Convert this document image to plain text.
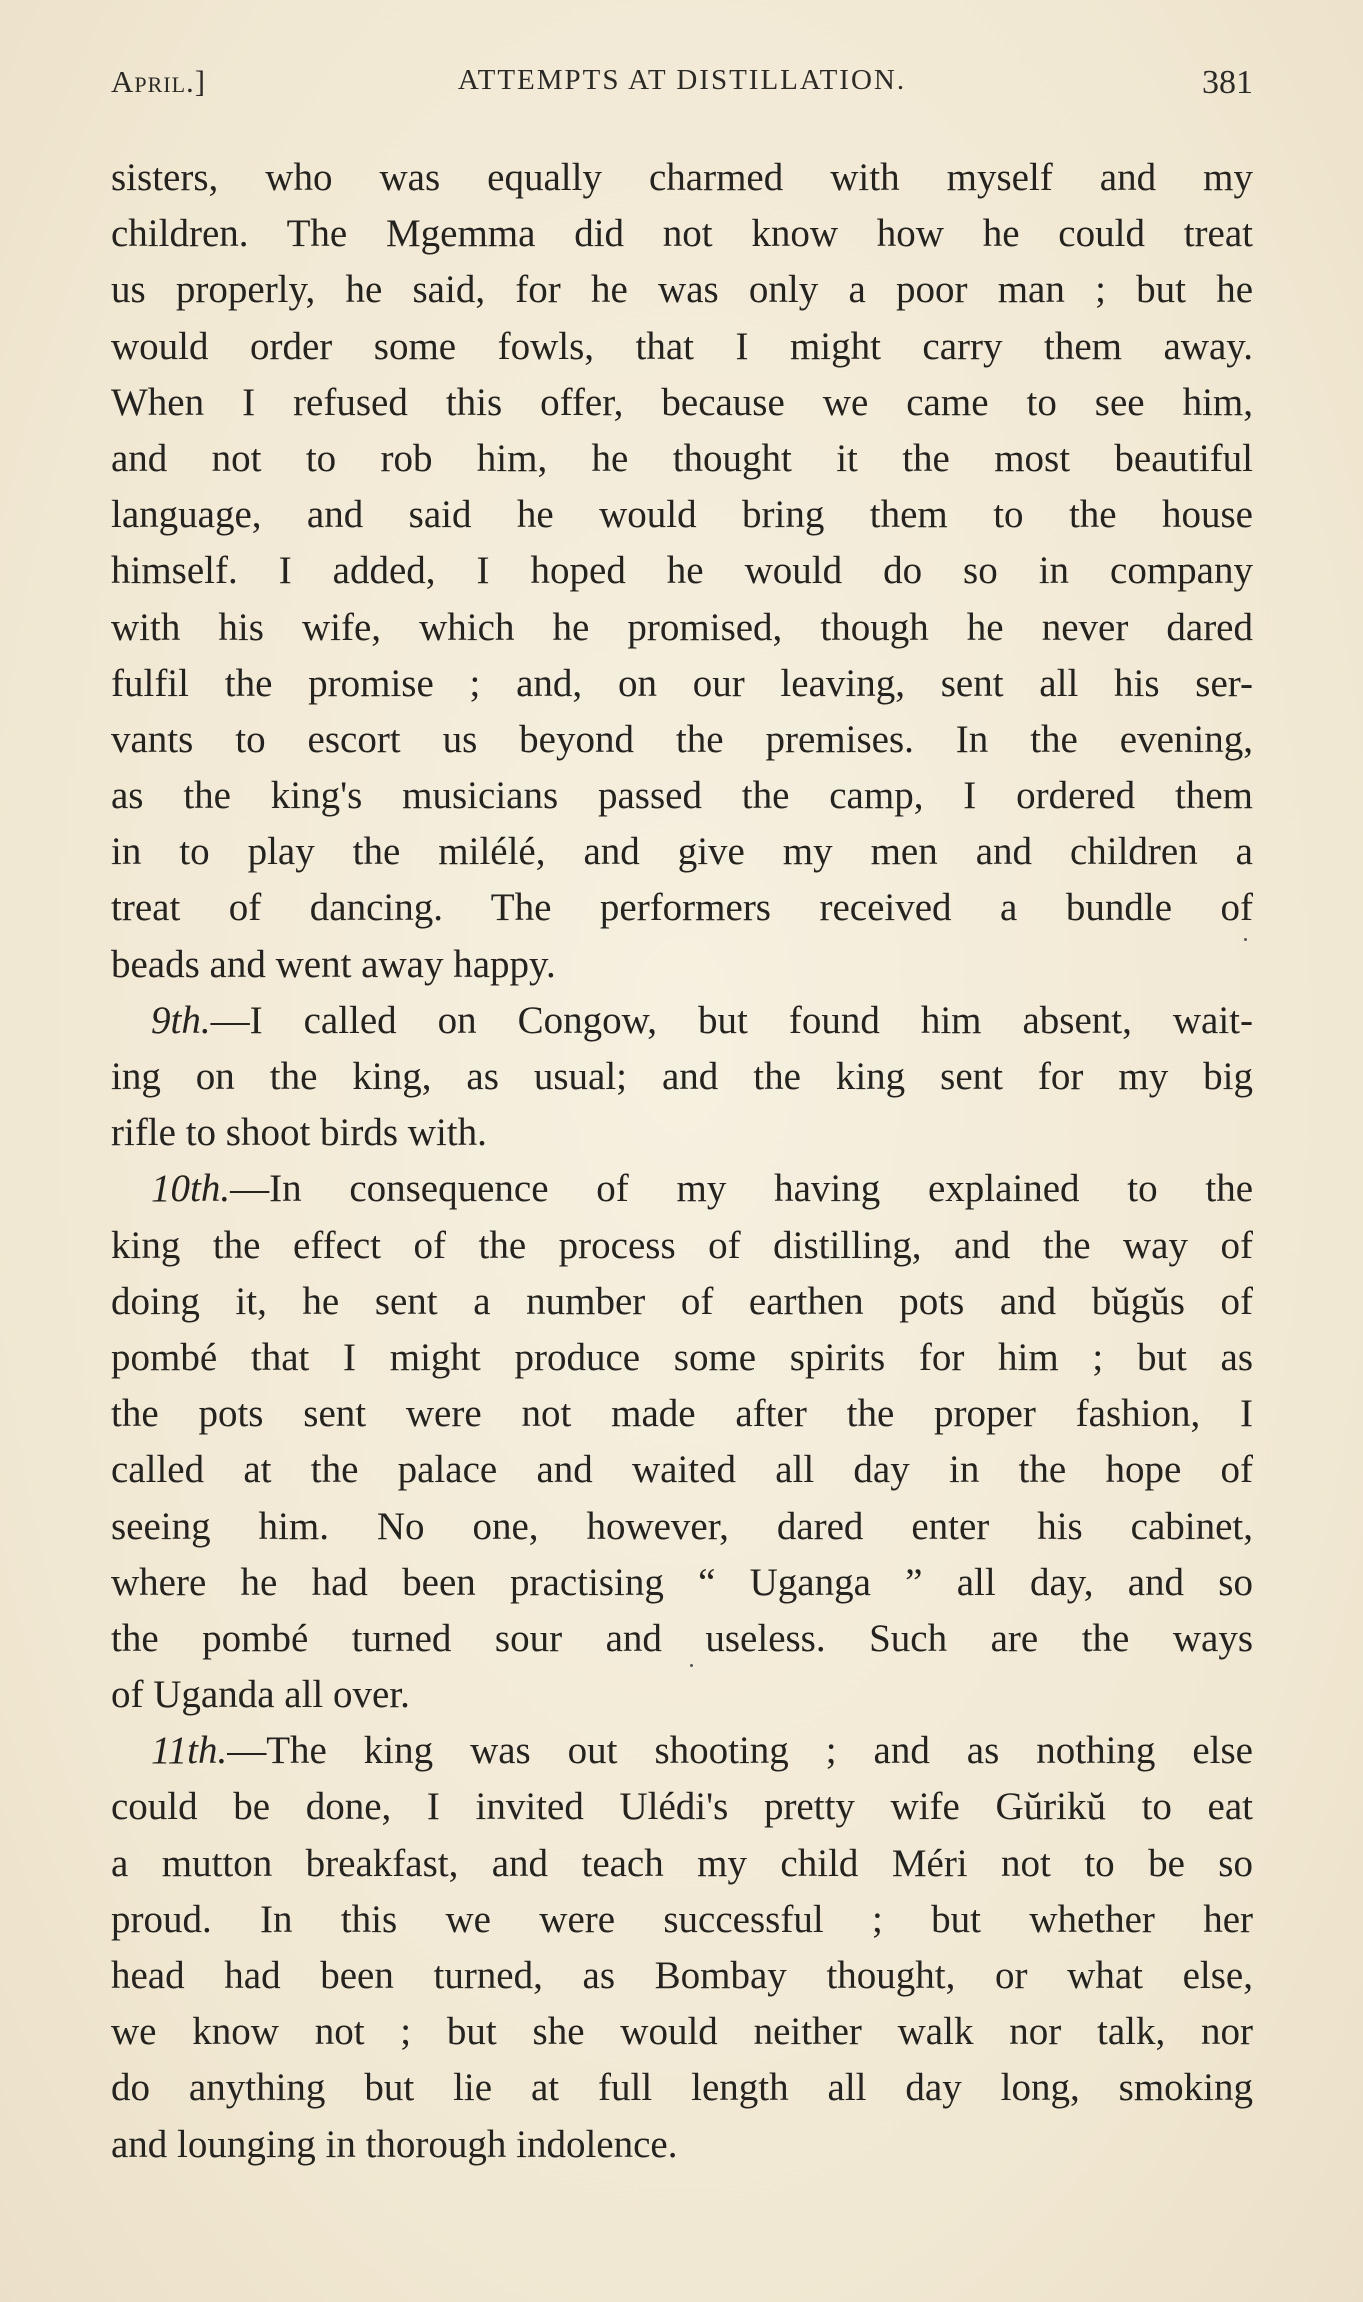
April.]	ATTEMPTS AT DISTILLATION.	381
sisters, who was equally charmed with myself and my
children. The Mgemma did not know how he could treat
us properly, he said, for he was only a poor man ; but he
would order some fowls, that I might carry them away.
When I refused this offer, because we came to see him,
and not to rob him, he thought it the most beautiful
language, and said he would bring them to the house
himself. I added, I hoped he would do so in company
with his wife, which he promised, though he never dared
fulfil the promise ; and, on our leaving, sent all his ser-
vants to escort us beyond the premises. In the evening,
as the king's musicians passed the camp, I ordered them
in to play the milélé, and give my men and children a
treat of dancing. The performers received a bundle of
beads and went away happy.
9th.—I called on Congow, but found him absent, wait-
ing on the king, as usual; and the king sent for my big
rifle to shoot birds with.
10th.—In consequence of my having explained to the
king the effect of the process of distilling, and the way of
doing it, he sent a number of earthen pots and bŭgŭs of
pombé that I might produce some spirits for him ; but as
the pots sent were not made after the proper fashion, I
called at the palace and waited all day in the hope of
seeing him. No one, however, dared enter his cabinet,
where he had been practising “ Uganga ” all day, and so
the pombé turned sour and useless. Such are the ways
of Uganda all over.
11th.—The king was out shooting ; and as nothing else
could be done, I invited Ulédi's pretty wife Gŭrikŭ to eat
a mutton breakfast, and teach my child Méri not to be so
proud. In this we were successful ; but whether her
head had been turned, as Bombay thought, or what else,
we know not ; but she would neither walk nor talk, nor
do anything but lie at full length all day long, smoking
and lounging in thorough indolence.
